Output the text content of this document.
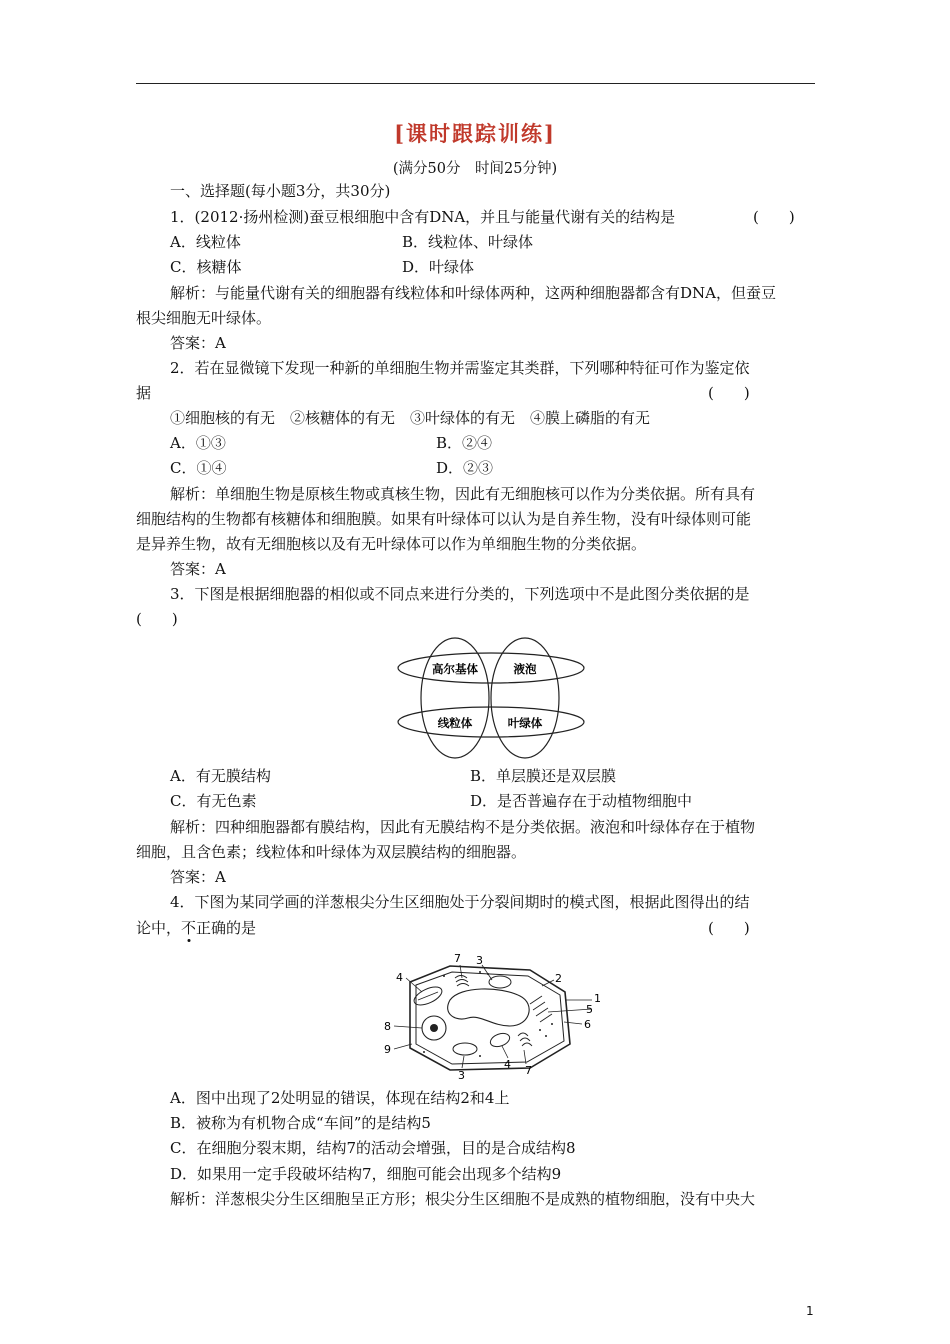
[课时跟踪训练]
(满分50分　时间25分钟)
一、选择题(每小题3分，共30分)
1．(2012·扬州检测)蚕豆根细胞中含有DNA，并且与能量代谢有关的结构是	(　　)
A．线粒体	B．线粒体、叶绿体
C．核糖体	D．叶绿体
解析：与能量代谢有关的细胞器有线粒体和叶绿体两种，这两种细胞器都含有DNA，但蚕豆
根尖细胞无叶绿体。
答案：A
2．若在显微镜下发现一种新的单细胞生物并需鉴定其类群，下列哪种特征可作为鉴定依
据	(　　)
①细胞核的有无　②核糖体的有无　③叶绿体的有无　④膜上磷脂的有无
A．①③	B．②④
C．①④	D．②③
解析：单细胞生物是原核生物或真核生物，因此有无细胞核可以作为分类依据。所有具有
细胞结构的生物都有核糖体和细胞膜。如果有叶绿体可以认为是自养生物，没有叶绿体则可能
是异养生物，故有无细胞核以及有无叶绿体可以作为单细胞生物的分类依据。
答案：A
3．下图是根据细胞器的相似或不同点来进行分类的，下列选项中不是此图分类依据的是
(　　)
高尔基体	液泡
线粒体	叶绿体
A．有无膜结构	B．单层膜还是双层膜
C．有无色素	D．是否普遍存在于动植物细胞中
解析：四种细胞器都有膜结构，因此有无膜结构不是分类依据。液泡和叶绿体存在于植物
细胞，且含色素；线粒体和叶绿体为双层膜结构的细胞器。
答案：A
4．下图为某同学画的洋葱根尖分生区细胞处于分裂间期时的模式图，根据此图得出的结
论中，不正确的是	(　　)
1
2
3
4
5
6
7
8
9
3
4 7
A．图中出现了2处明显的错误，体现在结构2和4上
B．被称为有机物合成“车间”的是结构5
C．在细胞分裂末期，结构7的活动会增强，目的是合成结构8
D．如果用一定手段破坏结构7，细胞可能会出现多个结构9
解析：洋葱根尖分生区细胞呈正方形；根尖分生区细胞不是成熟的植物细胞，没有中央大
1
